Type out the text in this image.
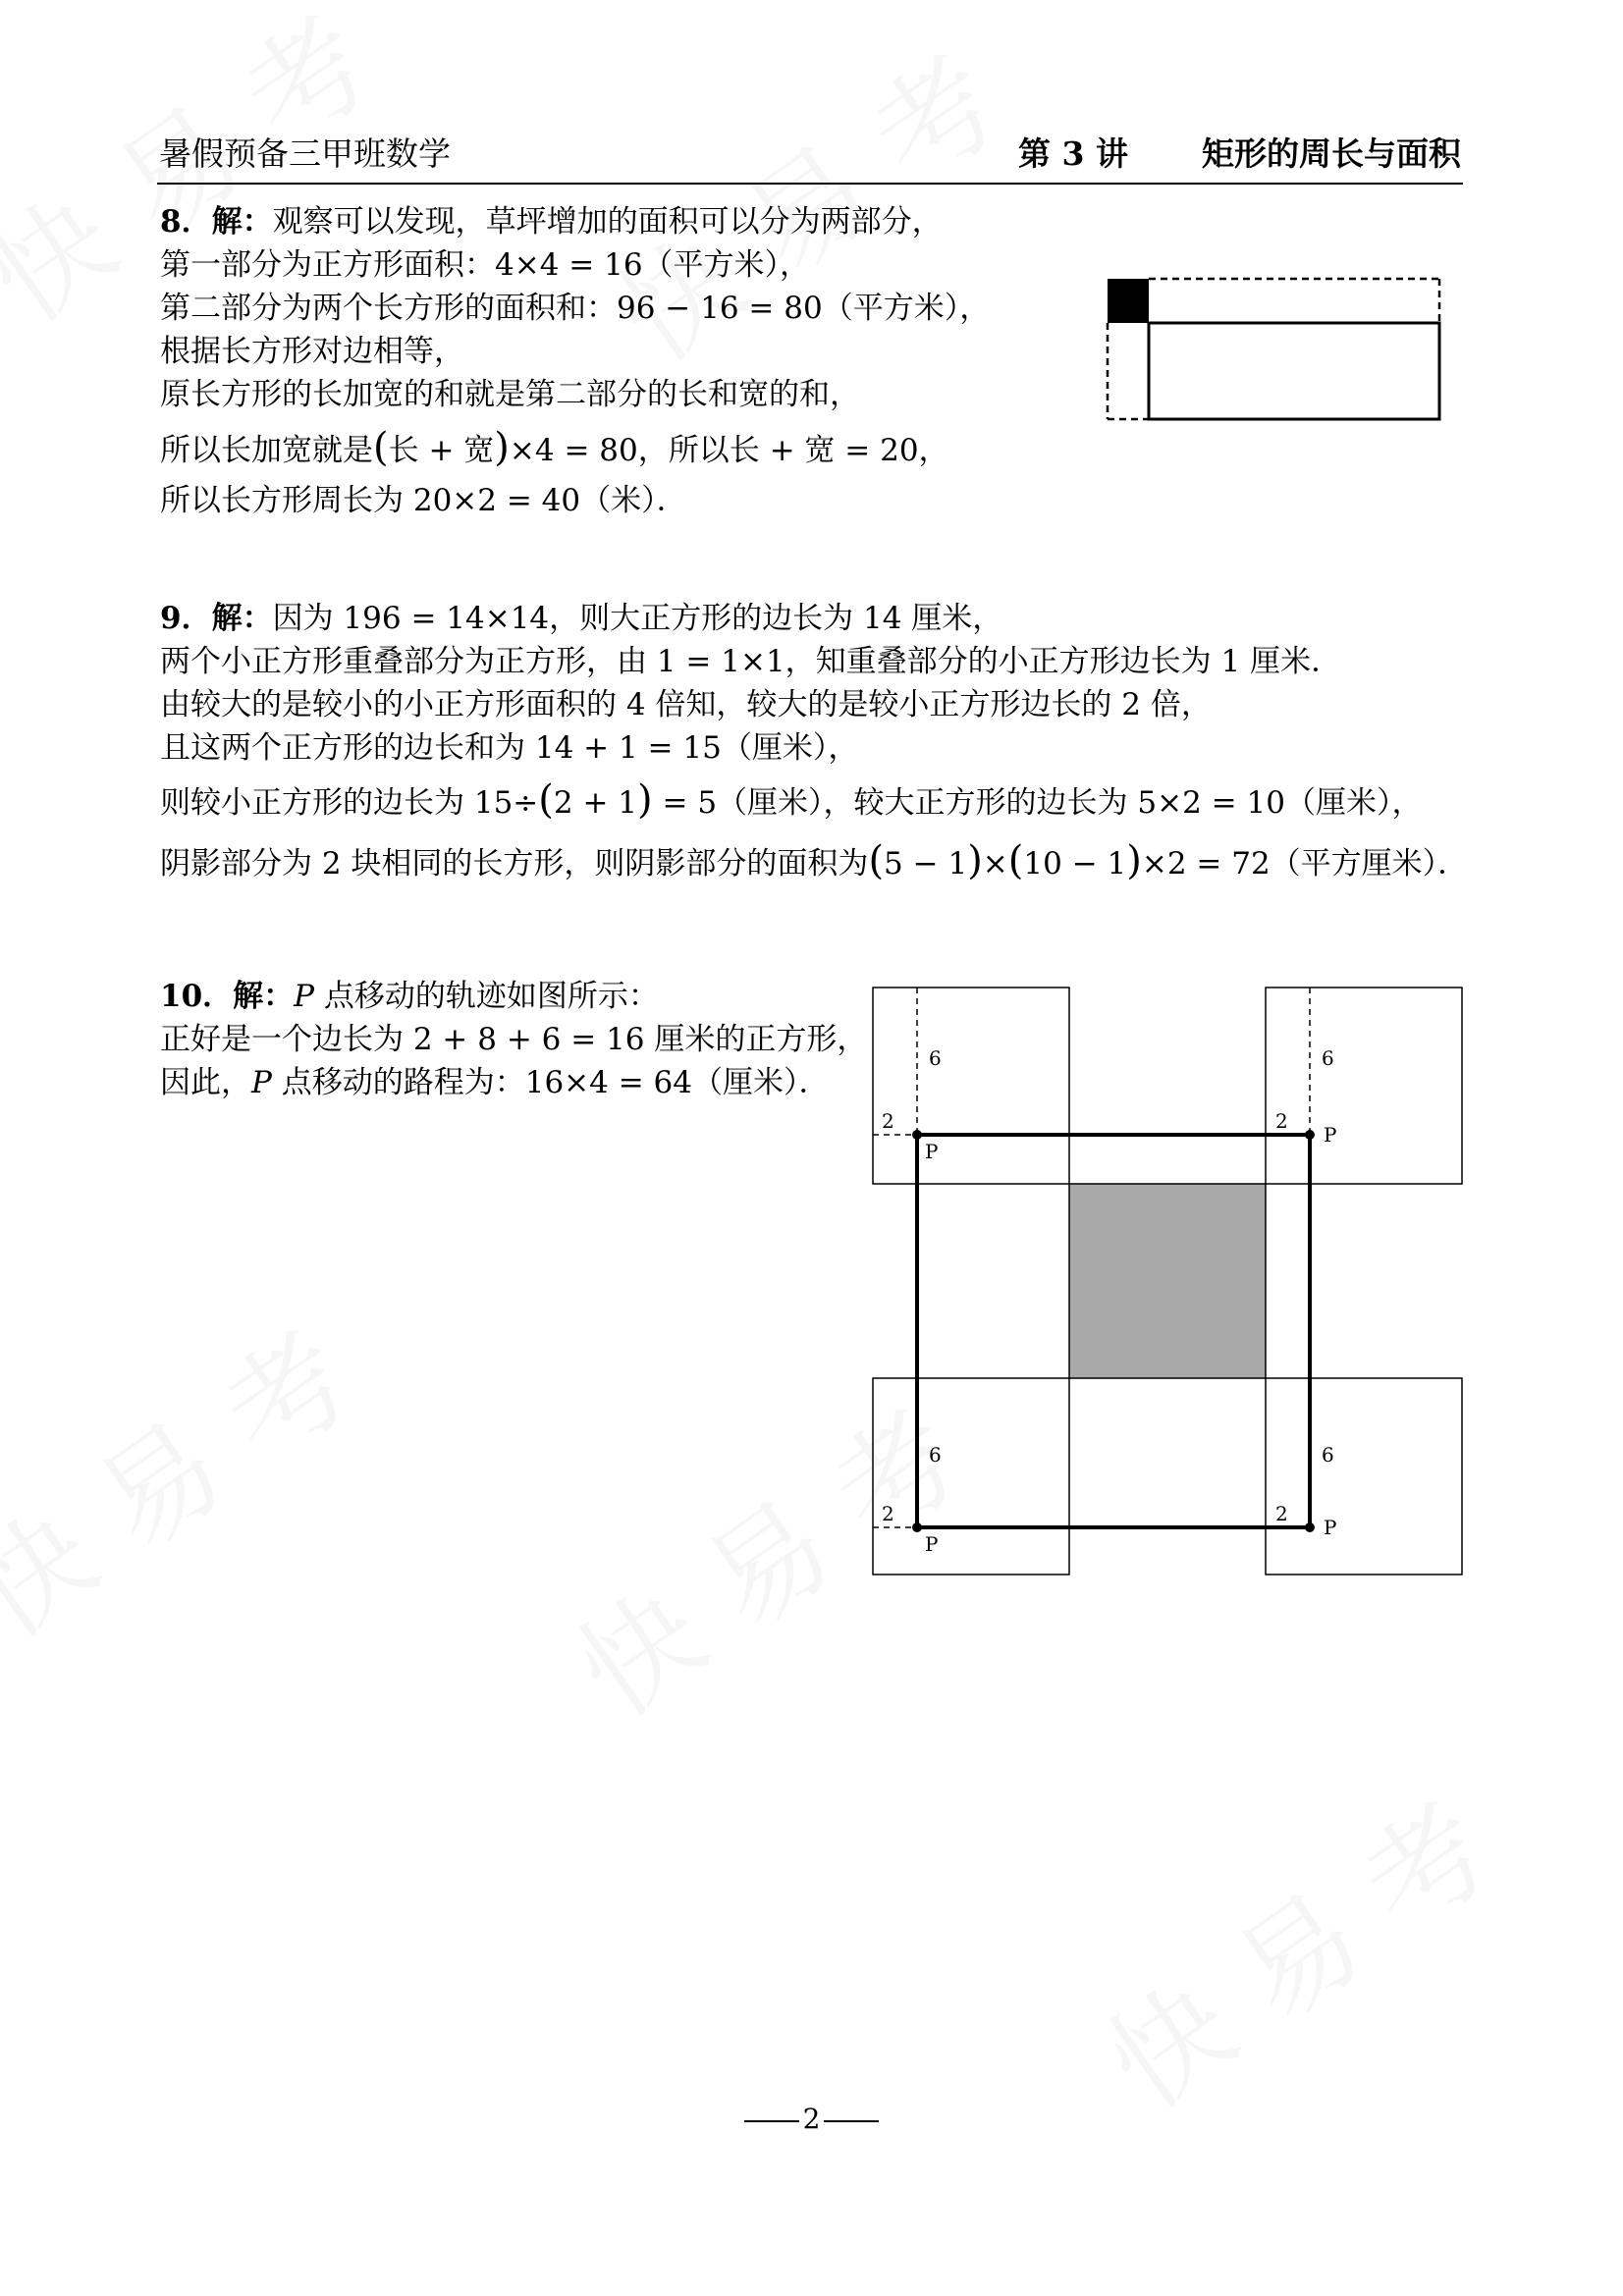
暑假预备三甲班数学	第 3 讲 矩形的周长与面积
8．解：观察可以发现，草坪增加的面积可以分为两部分，
第一部分为正方形面积：4×4 = 16（平方米），
第二部分为两个长方形的面积和：96 − 16 = 80（平方米），
根据长方形对边相等，
原长方形的长加宽的和就是第二部分的长和宽的和，
所以长加宽就是(长 + 宽)×4 = 80，所以长 + 宽 = 20，
所以长方形周长为 20×2 = 40（米）．
9．解：因为 196 = 14×14，则大正方形的边长为 14 厘米，
两个小正方形重叠部分为正方形，由 1 = 1×1，知重叠部分的小正方形边长为 1 厘米．
由较大的是较小的小正方形面积的 4 倍知，较大的是较小正方形边长的 2 倍，
且这两个正方形的边长和为 14 + 1 = 15（厘米），
则较小正方形的边长为 15÷(2 + 1) = 5（厘米），较大正方形的边长为 5×2 = 10（厘米），
阴影部分为 2 块相同的长方形，则阴影部分的面积为(5 − 1)×(10 − 1)×2 = 72（平方厘米）．
10．解：P 点移动的轨迹如图所示：
正好是一个边长为 2 + 8 + 6 = 16 厘米的正方形，
因此，P 点移动的路程为：16×4 = 64（厘米）．
6	6
6	6
2	2
2	2
P
P
P
P
2
